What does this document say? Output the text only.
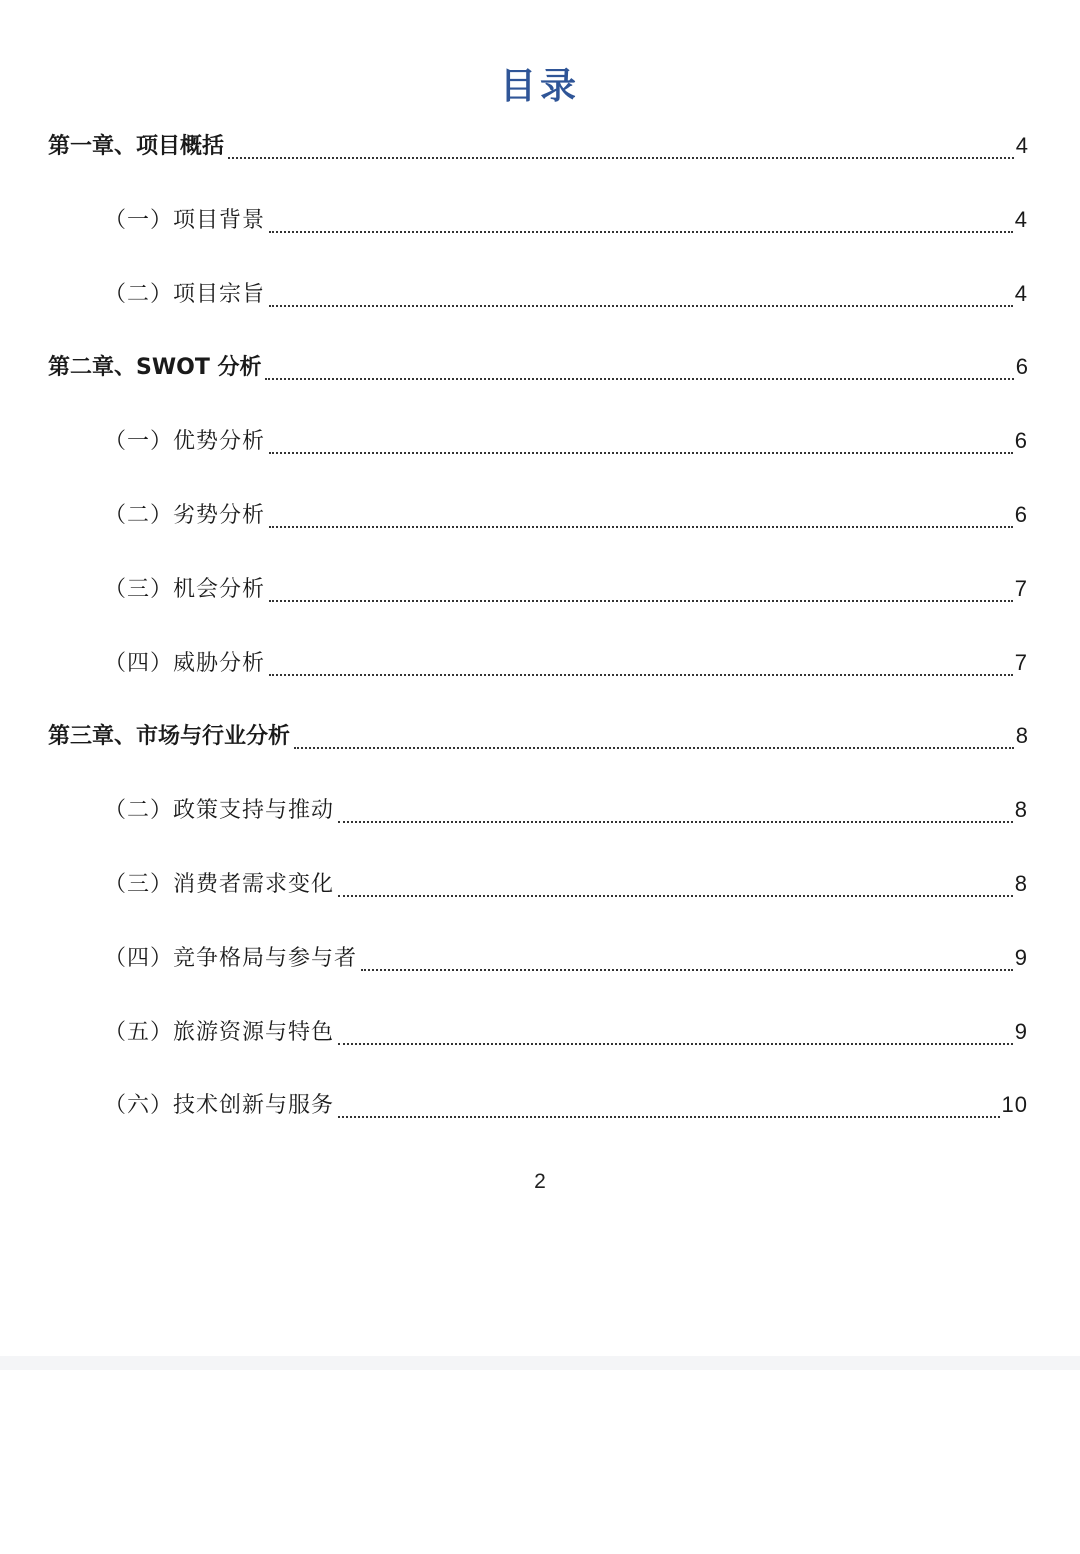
目录
第一章、项目概括	4
（一）项目背景	4
（二）项目宗旨	4
第二章、SWOT 分析	6
（一）优势分析	6
（二）劣势分析	6
（三）机会分析	7
（四）威胁分析	7
第三章、市场与行业分析	8
（二）政策支持与推动	8
（三）消费者需求变化	8
（四）竞争格局与参与者	9
（五）旅游资源与特色	9
（六）技术创新与服务	10
2
